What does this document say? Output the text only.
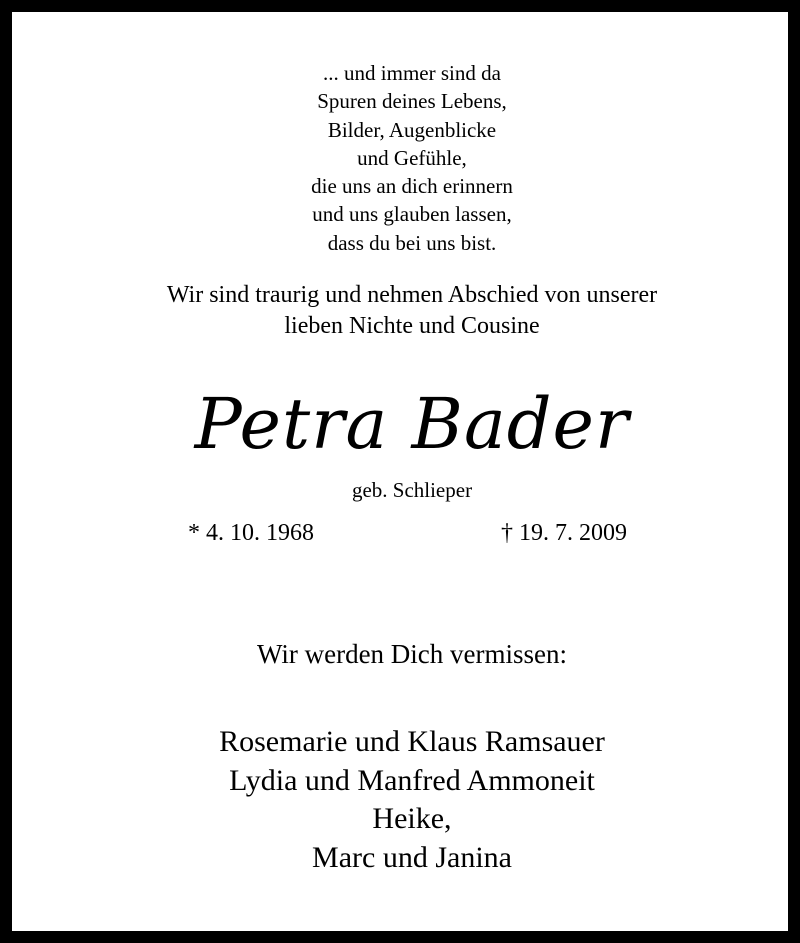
... und immer sind da
Spuren deines Lebens,
Bilder, Augenblicke
und Gefühle,
die uns an dich erinnern
und uns glauben lassen,
dass du bei uns bist.
Wir sind traurig und nehmen Abschied von unserer
lieben Nichte und Cousine
Petra Bader
geb. Schlieper
* 4. 10. 1968	† 19. 7. 2009
Wir werden Dich vermissen:
Rosemarie und Klaus Ramsauer
Lydia und Manfred Ammoneit
Heike,
Marc und Janina
